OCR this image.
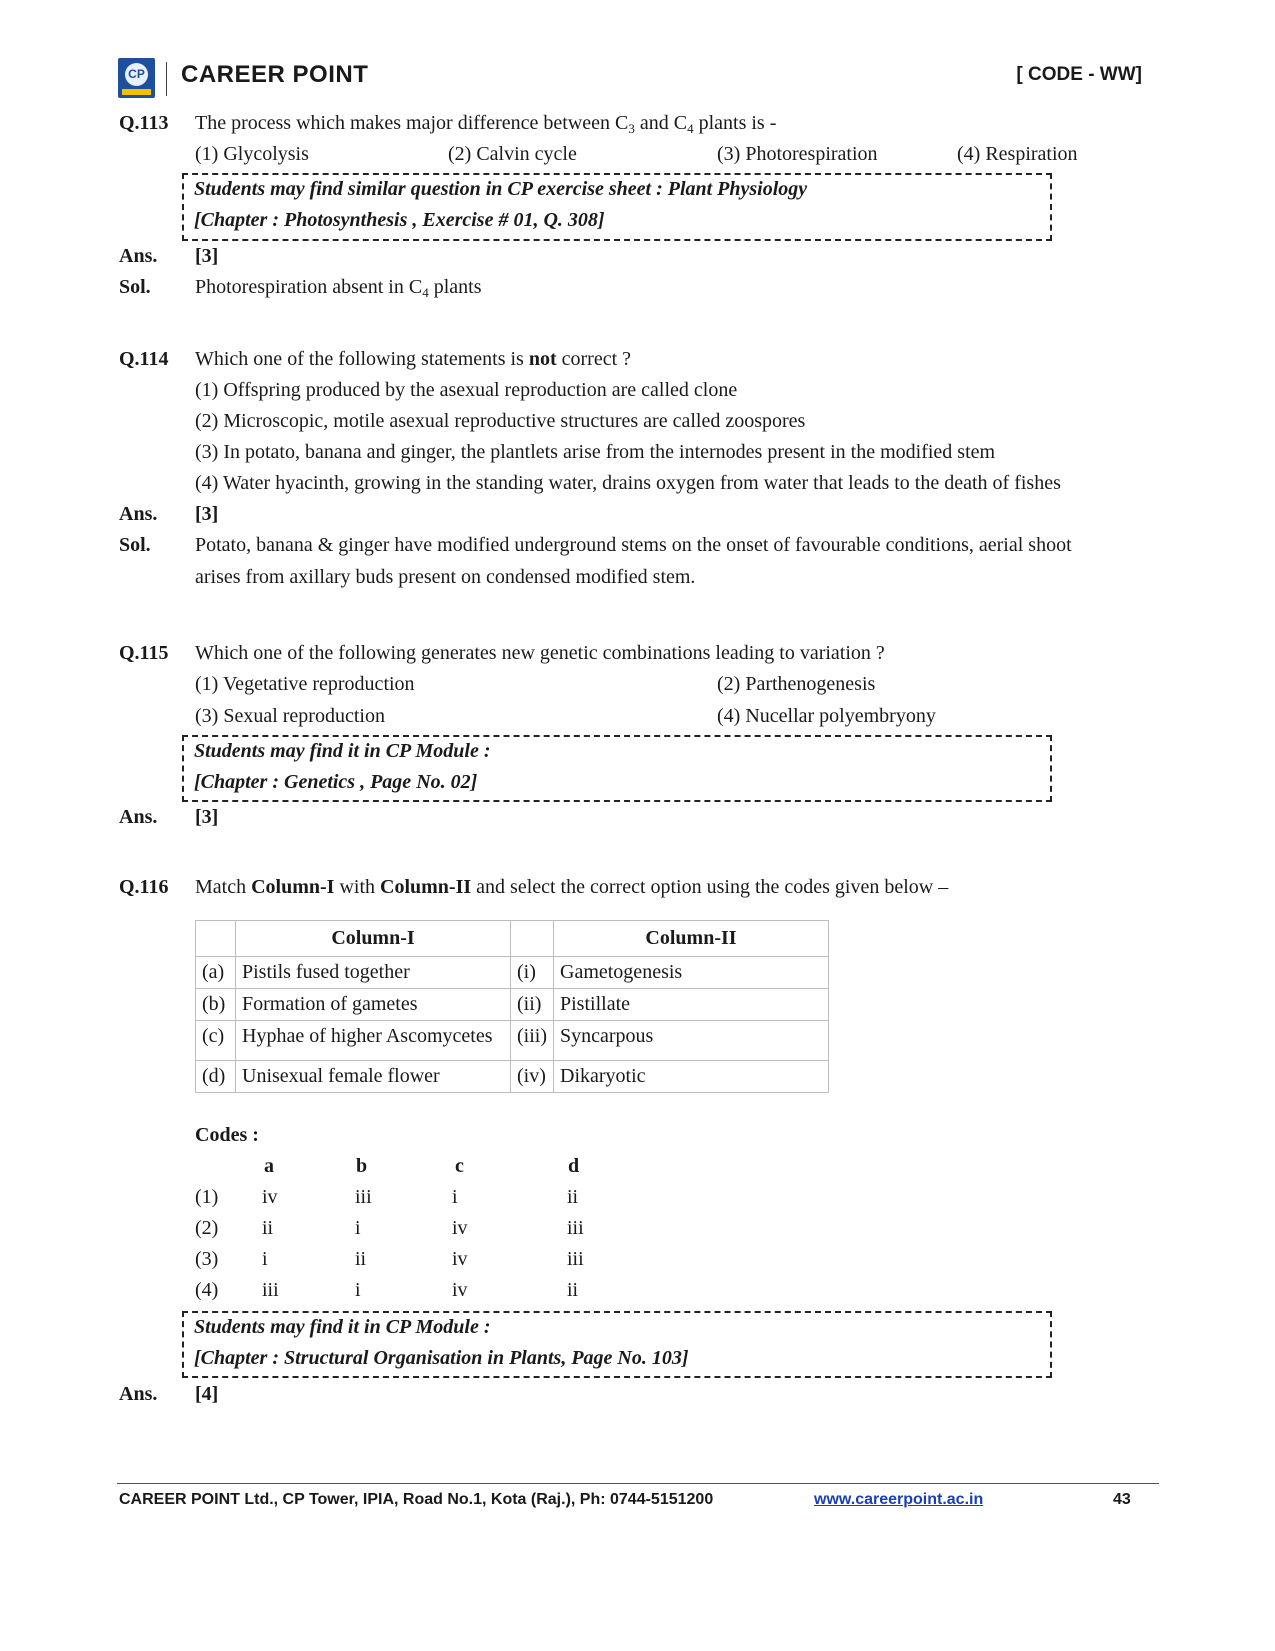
CP CAREER POINT	[ CODE - WW]
Q.113 The process which makes major difference between $C_3$ and $C_4$ plants is -
(1) Glycolysis	(2) Calvin cycle	(3) Photorespiration	(4) Respiration
Students may find similar question in CP exercise sheet : Plant Physiology
[Chapter : Photosynthesis , Exercise # 01, Q. 308]
Ans. [3]
Sol. Photorespiration absent in $C_4$ plants
Q.114 Which one of the following statements is not correct ?
(1) Offspring produced by the asexual reproduction are called clone
(2) Microscopic, motile asexual reproductive structures are called zoospores
(3) In potato, banana and ginger, the plantlets arise from the internodes present in the modified stem
(4) Water hyacinth, growing in the standing water, drains oxygen from water that leads to the death of fishes
Ans. [3]
Sol. Potato, banana & ginger have modified underground stems on the onset of favourable conditions, aerial shoot
arises from axillary buds present on condensed modified stem.
Q.115 Which one of the following generates new genetic combinations leading to variation ?
(1) Vegetative reproduction	(2) Parthenogenesis
(3) Sexual reproduction	(4) Nucellar polyembryony
Students may find it in CP Module :
[Chapter : Genetics , Page No. 02]
Ans. [3]
Q.116 Match Column-I with Column-II and select the correct option using the codes given below –
	Column-I		Column-II
(a)	Pistils fused together	(i)	Gametogenesis
(b)	Formation of gametes	(ii)	Pistillate
(c)	Hyphae of higher Ascomycetes	(iii)	Syncarpous
(d)	Unisexual female flower	(iv)	Dikaryotic
Codes :
a	b	c	d
(1) iv	iii	i	ii
(2) ii	i	iv	iii
(3) i	ii	iv	iii
(4) iii	i	iv	ii
Students may find it in CP Module :
[Chapter : Structural Organisation in Plants, Page No. 103]
Ans. [4]
CAREER POINT Ltd., CP Tower, IPIA, Road No.1, Kota (Raj.), Ph: 0744-5151200	www.careerpoint.ac.in	43
